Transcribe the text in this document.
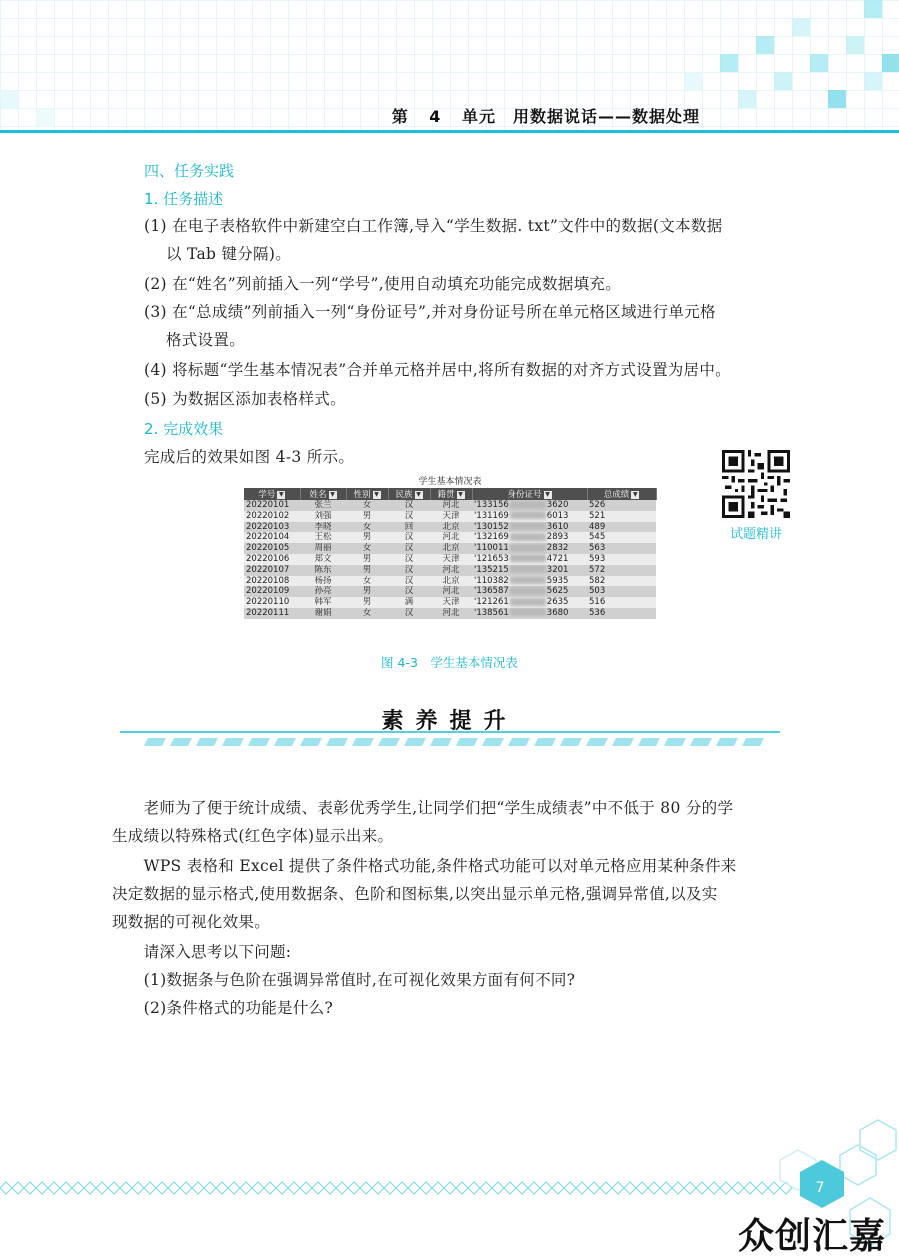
第 4 单元　用数据说话——数据处理
四、任务实践
1. 任务描述
(1) 在电子表格软件中新建空白工作簿,导入“学生数据. txt”文件中的数据(文本数据
以 Tab 键分隔)。
(2) 在“姓名”列前插入一列“学号”,使用自动填充功能完成数据填充。
(3) 在“总成绩”列前插入一列“身份证号”,并对身份证号所在单元格区域进行单元格
格式设置。
(4) 将标题“学生基本情况表”合并单元格并居中,将所有数据的对齐方式设置为居中。
(5) 为数据区添加表格样式。
2. 完成效果
完成后的效果如图 4-3 所示。
试题精讲
学生基本情况表
学号 ▼	姓名 ▼	性别 ▼	民族 ▼	籍贯 ▼	身份证号 ▼	总成绩 ▼
20220101	张兰	女	汉	河北	'133156 3620	526
20220102	刘强	男	汉	天津	'131169 6013	521
20220103	李晓	女	回	北京	'130152 3610	489
20220104	王松	男	汉	河北	'132169 2893	545
20220105	周丽	女	汉	北京	'110011 2832	563
20220106	郑文	男	汉	天津	'121653 4721	593
20220107	陈东	男	汉	河北	'135215 3201	572
20220108	杨扬	女	汉	北京	'110382 5935	582
20220109	孙亮	男	汉	河北	'136587 5625	503
20220110	韩军	男	满	天津	'121261 2635	516
20220111	谢娟	女	汉	河北	'138561 3680	536
图 4-3　学生基本情况表
素养提升
　　老师为了便于统计成绩、表彰优秀学生,让同学们把“学生成绩表”中不低于 80 分的学
生成绩以特殊格式(红色字体)显示出来。
　　WPS 表格和 Excel 提供了条件格式功能,条件格式功能可以对单元格应用某种条件来
决定数据的显示格式,使用数据条、色阶和图标集,以突出显示单元格,强调异常值,以及实
现数据的可视化效果。
　　请深入思考以下问题:
　　(1)数据条与色阶在强调异常值时,在可视化效果方面有何不同?
　　(2)条件格式的功能是什么?
7
众创汇嘉
